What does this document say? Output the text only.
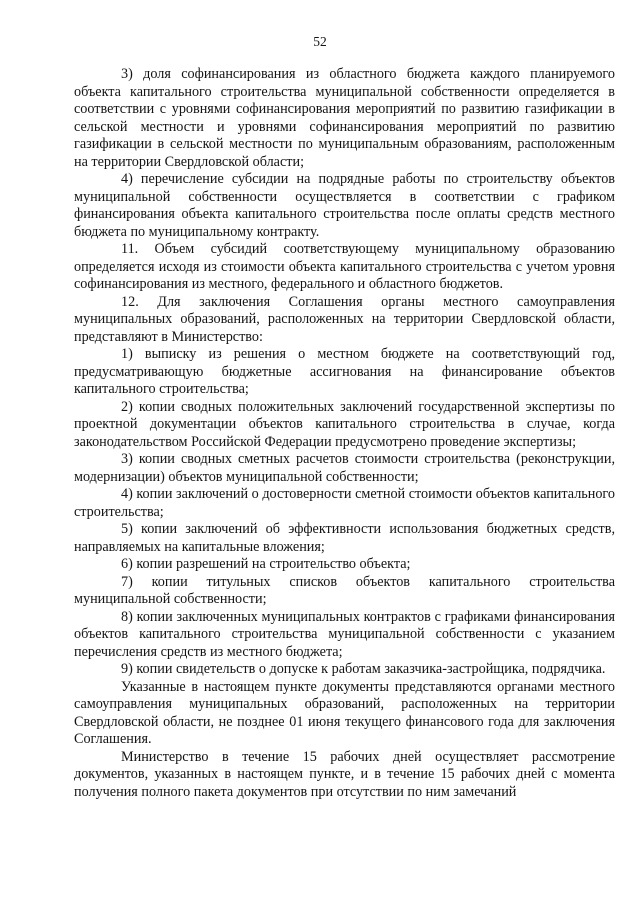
52

3) доля софинансирования из областного бюджета каждого планируемого объекта капитального строительства муниципальной собственности определяется в соответствии с уровнями софинансирования мероприятий по развитию газификации в сельской местности и уровнями софинансирования мероприятий по развитию газификации в сельской местности по муниципальным образованиям, расположенным на территории Свердловской области;

4) перечисление субсидии на подрядные работы по строительству объектов муниципальной собственности осуществляется в соответствии с графиком финансирования объекта капитального строительства после оплаты средств местного бюджета по муниципальному контракту.

11. Объем субсидий соответствующему муниципальному образованию определяется исходя из стоимости объекта капитального строительства с учетом уровня софинансирования из местного, федерального и областного бюджетов.

12. Для заключения Соглашения органы местного самоуправления муниципальных образований, расположенных на территории Свердловской области, представляют в Министерство:

1) выписку из решения о местном бюджете на соответствующий год, предусматривающую бюджетные ассигнования на финансирование объектов капитального строительства;

2) копии сводных положительных заключений государственной экспертизы по проектной документации объектов капитального строительства в случае, когда законодательством Российской Федерации предусмотрено проведение экспертизы;

3) копии сводных сметных расчетов стоимости строительства (реконструкции, модернизации) объектов муниципальной собственности;

4) копии заключений о достоверности сметной стоимости объектов капитального строительства;

5) копии заключений об эффективности использования бюджетных средств, направляемых на капитальные вложения;

6) копии разрешений на строительство объекта;

7) копии титульных списков объектов капитального строительства муниципальной собственности;

8) копии заключенных муниципальных контрактов с графиками финансирования объектов капитального строительства муниципальной собственности с указанием перечисления средств из местного бюджета;

9) копии свидетельств о допуске к работам заказчика-застройщика, подрядчика.

Указанные в настоящем пункте документы представляются органами местного самоуправления муниципальных образований, расположенных на территории Свердловской области, не позднее 01 июня текущего финансового года для заключения Соглашения.

Министерство в течение 15 рабочих дней осуществляет рассмотрение документов, указанных в настоящем пункте, и в течение 15 рабочих дней с момента получения полного пакета документов при отсутствии по ним замечаний
